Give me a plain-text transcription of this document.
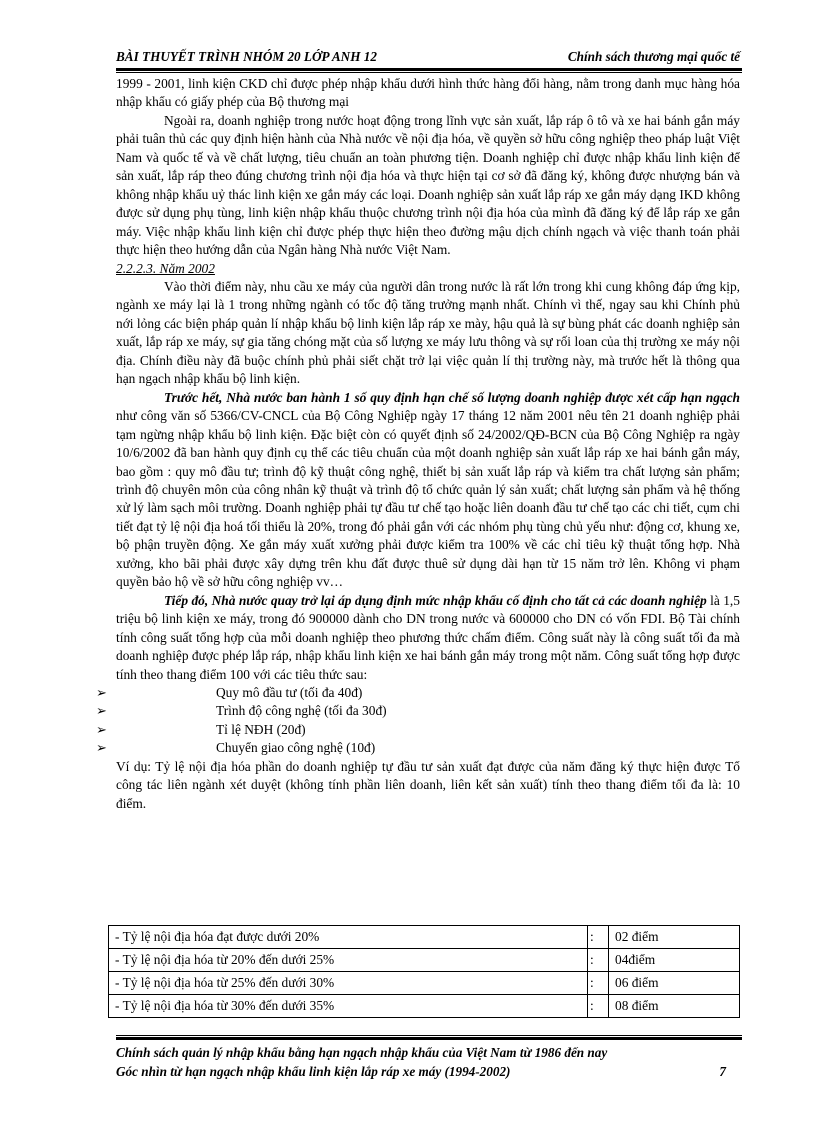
BÀI THUYẾT TRÌNH NHÓM 20 LỚP ANH 12	Chính sách thương mại quốc tế

1999 - 2001, linh kiện CKD chỉ được phép nhập khẩu dưới hình thức hàng đổi hàng, nằm trong danh mục hàng hóa nhập khẩu có giấy phép của Bộ thương mại

Ngoài ra, doanh nghiệp trong nước hoạt động trong lĩnh vực sản xuất, lắp ráp ô tô và xe hai bánh gắn máy phải tuân thủ các quy định hiện hành của Nhà nước về nội địa hóa, về quyền sở hữu công nghiệp theo pháp luật Việt Nam và quốc tế và về chất lượng, tiêu chuẩn an toàn phương tiện. Doanh nghiệp chỉ được nhập khẩu linh kiện để sản xuất, lắp ráp theo đúng chương trình nội địa hóa và thực hiện tại cơ sở đã đăng ký, không được nhượng bán và không nhập khẩu uỷ thác linh kiện xe gắn máy các loại. Doanh nghiệp sản xuất lắp ráp xe gắn máy dạng IKD không được sử dụng phụ tùng, linh kiện nhập khẩu thuộc chương trình nội địa hóa của mình đã đăng ký để lắp ráp xe gắn máy. Việc nhập khẩu linh kiện chỉ được phép thực hiện theo đường mậu dịch chính ngạch và việc thanh toán phải thực hiện theo hướng dẫn của Ngân hàng Nhà nước Việt Nam.

2.2.2.3. Năm 2002

Vào thời điểm này, nhu cầu xe máy của người dân trong nước là rất lớn trong khi cung không đáp ứng kịp, ngành xe máy lại là 1 trong những ngành có tốc độ tăng trưởng mạnh nhất. Chính vì thế, ngay sau khi Chính phủ nới lỏng các biện pháp quản lí nhập khẩu bộ linh kiện lắp ráp xe mày, hậu quả là sự bùng phát các doanh nghiệp sản xuất, lắp ráp xe máy, sự gia tăng chóng mặt của số lượng xe máy lưu thông và sự rối loan của thị trường xe máy nội địa. Chính điều này đã buộc chính phủ phải siết chặt trở lại việc quản lí thị trường này, mà trước hết là thông qua hạn ngạch nhập khẩu bộ linh kiện.

Trước hết, Nhà nước ban hành 1 số quy định hạn chế số lượng doanh nghiệp được xét cấp hạn ngạch như công văn số 5366/CV-CNCL của Bộ Công Nghiệp ngày 17 tháng 12 năm 2001 nêu tên 21 doanh nghiệp phải tạm ngừng nhập khẩu bộ linh kiện. Đặc biệt còn có quyết định số 24/2002/QĐ-BCN của Bộ Công Nghiệp ra ngày 10/6/2002 đã ban hành quy định cụ thể các tiêu chuẩn của một doanh nghiệp sản xuất lắp ráp xe hai bánh gắn máy, bao gồm : quy mô đầu tư; trình độ kỹ thuật công nghệ, thiết bị sản xuất lắp ráp và kiểm tra chất lượng sản phẩm; trình độ chuyên môn của công nhân kỹ thuật và trình độ tổ chức quản lý sản xuất; chất lượng sản phẩm và hệ thống xử lý làm sạch môi trường. Doanh nghiệp phải tự đầu tư chế tạo hoặc liên doanh đầu tư chế tạo các chi tiết, cụm chi tiết đạt tỷ lệ nội địa hoá tối thiểu là 20%, trong đó phải gắn với các nhóm phụ tùng chủ yếu như: động cơ, khung xe, bộ phận truyền động. Xe gắn máy xuất xưởng phải được kiểm tra 100% về các chỉ tiêu kỹ thuật tổng hợp. Nhà xưởng, kho bãi phải được xây dựng trên khu đất được thuê sử dụng dài hạn từ 15 năm trở lên. Không vi phạm quyền bảo hộ về sở hữu công nghiệp vv…

Tiếp đó, Nhà nước quay trở lại áp dụng định mức nhập khẩu cố định cho tất cả các doanh nghiệp là 1,5 triệu bộ linh kiện xe máy, trong đó 900000 dành cho DN trong nước và 600000 cho DN có vốn FDI. Bộ Tài chính tính công suất tổng hợp của mỗi doanh nghiệp theo phương thức chấm điểm. Công suất này là công suất tối đa mà doanh nghiệp được phép lắp ráp, nhập khẩu linh kiện xe hai bánh gắn máy trong một năm. Công suất tổng hợp được tính theo thang điểm 100 với các tiêu thức sau:

➢	Quy mô đầu tư (tối đa 40đ)
➢	Trình độ công nghệ (tối đa 30đ)
➢	Tỉ lệ NĐH (20đ)
➢	Chuyển giao công nghệ (10đ)

Ví dụ: Tỷ lệ nội địa hóa phần do doanh nghiệp tự đầu tư sản xuất đạt được của năm đăng ký thực hiện được Tổ công tác liên ngành xét duyệt (không tính phần liên doanh, liên kết sản xuất) tính theo thang điểm tối đa là: 10 điểm.

- Tỷ lệ nội địa hóa đạt được dưới 20%	:	02 điểm
- Tỷ lệ nội địa hóa từ 20% đến dưới 25%	:	04điểm
- Tỷ lệ nội địa hóa từ 25% đến dưới 30%	:	06 điểm
- Tỷ lệ nội địa hóa từ 30% đến dưới 35%	:	08 điểm
Chính sách quản lý nhập khẩu bằng hạn ngạch nhập khẩu của Việt Nam từ 1986 đến nay
Góc nhìn từ hạn ngạch nhập khẩu linh kiện lắp ráp xe máy (1994-2002)	7
